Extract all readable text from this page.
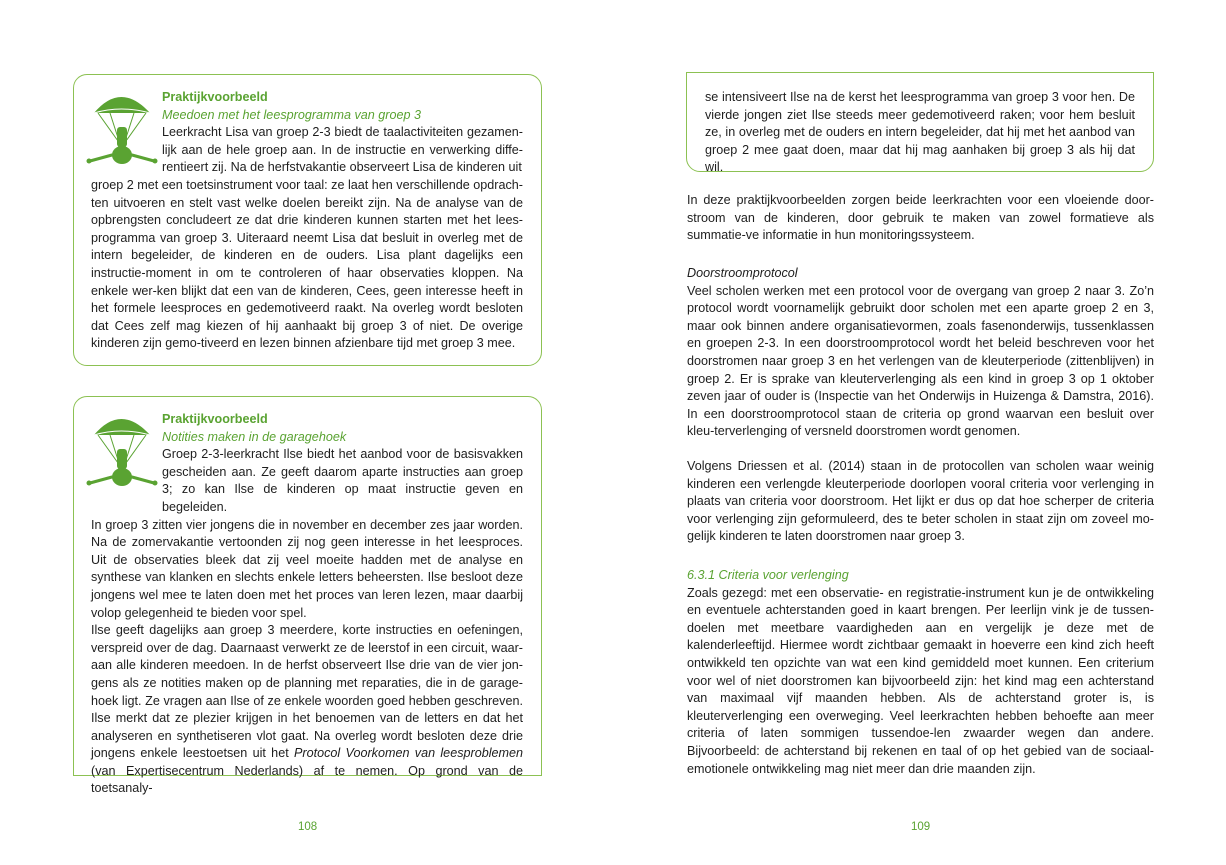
Praktijkvoorbeeld
Meedoen met het leesprogramma van groep 3
Leerkracht Lisa van groep 2-3 biedt de taalactiviteiten gezamen-lijk aan de hele groep aan. In de instructie en verwerking diffe-rentieert zij. Na de herfstvakantie observeert Lisa de kinderen uit
groep 2 met een toetsinstrument voor taal: ze laat hen verschillende opdrach-ten uitvoeren en stelt vast welke doelen bereikt zijn. Na de analyse van de opbrengsten concludeert ze dat drie kinderen kunnen starten met het lees-programma van groep 3. Uiteraard neemt Lisa dat besluit in overleg met de intern begeleider, de kinderen en de ouders. Lisa plant dagelijks een instructie-moment in om te controleren of haar observaties kloppen. Na enkele wer-ken blijkt dat een van de kinderen, Cees, geen interesse heeft in het formele leesproces en gedemotiveerd raakt. Na overleg wordt besloten dat Cees zelf mag kiezen of hij aanhaakt bij groep 3 of niet. De overige kinderen zijn gemo-tiveerd en lezen binnen afzienbare tijd met groep 3 mee.
Praktijkvoorbeeld
Notities maken in de garagehoek
Groep 2-3-leerkracht Ilse biedt het aanbod voor de basisvakken gescheiden aan. Ze geeft daarom aparte instructies aan groep 3; zo kan Ilse de kinderen op maat instructie geven en begeleiden.
In groep 3 zitten vier jongens die in november en december zes jaar worden. Na de zomervakantie vertoonden zij nog geen interesse in het leesproces. Uit de observaties bleek dat zij veel moeite hadden met de analyse en synthese van klanken en slechts enkele letters beheersten. Ilse besloot deze jongens wel mee te laten doen met het proces van leren lezen, maar daarbij volop gelegenheid te bieden voor spel.
Ilse geeft dagelijks aan groep 3 meerdere, korte instructies en oefeningen, verspreid over de dag. Daarnaast verwerkt ze de leerstof in een circuit, waar-aan alle kinderen meedoen. In de herfst observeert Ilse drie van de vier jon-gens als ze notities maken op de planning met reparaties, die in de garage-hoek ligt. Ze vragen aan Ilse of ze enkele woorden goed hebben geschreven. Ilse merkt dat ze plezier krijgen in het benoemen van de letters en dat het analyseren en synthetiseren vlot gaat. Na overleg wordt besloten deze drie jongens enkele leestoetsen uit het Protocol Voorkomen van leesproblemen (van Expertisecentrum Nederlands) af te nemen. Op grond van de toetsanaly-
108
se intensiveert Ilse na de kerst het leesprogramma van groep 3 voor hen. De vierde jongen ziet Ilse steeds meer gedemotiveerd raken; voor hem besluit ze, in overleg met de ouders en intern begeleider, dat hij met het aanbod van groep 2 mee gaat doen, maar dat hij mag aanhaken bij groep 3 als hij dat wil.

In deze praktijkvoorbeelden zorgen beide leerkrachten voor een vloeiende door-stroom van de kinderen, door gebruik te maken van zowel formatieve als summatie-ve informatie in hun monitoringssysteem.

Doorstroomprotocol

Veel scholen werken met een protocol voor de overgang van groep 2 naar 3. Zo’n protocol wordt voornamelijk gebruikt door scholen met een aparte groep 2 en 3, maar ook binnen andere organisatievormen, zoals fasenonderwijs, tussenklassen en groepen 2-3. In een doorstroomprotocol wordt het beleid beschreven voor het doorstromen naar groep 3 en het verlengen van de kleuterperiode (zittenblijven) in groep 2. Er is sprake van kleuterverlenging als een kind in groep 3 op 1 oktober zeven jaar of ouder is (Inspectie van het Onderwijs in Huizenga & Damstra, 2016). In een doorstroomprotocol staan de criteria op grond waarvan een besluit over kleu-terverlenging of versneld doorstromen wordt genomen.

Volgens Driessen et al. (2014) staan in de protocollen van scholen waar weinig kinderen een verlengde kleuterperiode doorlopen vooral criteria voor verlenging in plaats van criteria voor doorstroom. Het lijkt er dus op dat hoe scherper de criteria voor verlenging zijn geformuleerd, des te beter scholen in staat zijn om zoveel mo-gelijk kinderen te laten doorstromen naar groep 3.

6.3.1 Criteria voor verlenging

Zoals gezegd: met een observatie- en registratie-instrument kun je de ontwikkeling en eventuele achterstanden goed in kaart brengen. Per leerlijn vink je de tussen-doelen met meetbare vaardigheden aan en vergelijk je deze met de kalenderleeftijd. Hiermee wordt zichtbaar gemaakt in hoeverre een kind zich heeft ontwikkeld ten opzichte van wat een kind gemiddeld moet kunnen. Een criterium voor wel of niet doorstromen kan bijvoorbeeld zijn: het kind mag een achterstand van maximaal vijf maanden hebben. Als de achterstand groter is, is kleuterverlenging een overweging. Veel leerkrachten hebben behoefte aan meer criteria of laten sommigen tussendoe-len zwaarder wegen dan andere. Bijvoorbeeld: de achterstand bij rekenen en taal of op het gebied van de sociaal-emotionele ontwikkeling mag niet meer dan drie maanden zijn.

109
